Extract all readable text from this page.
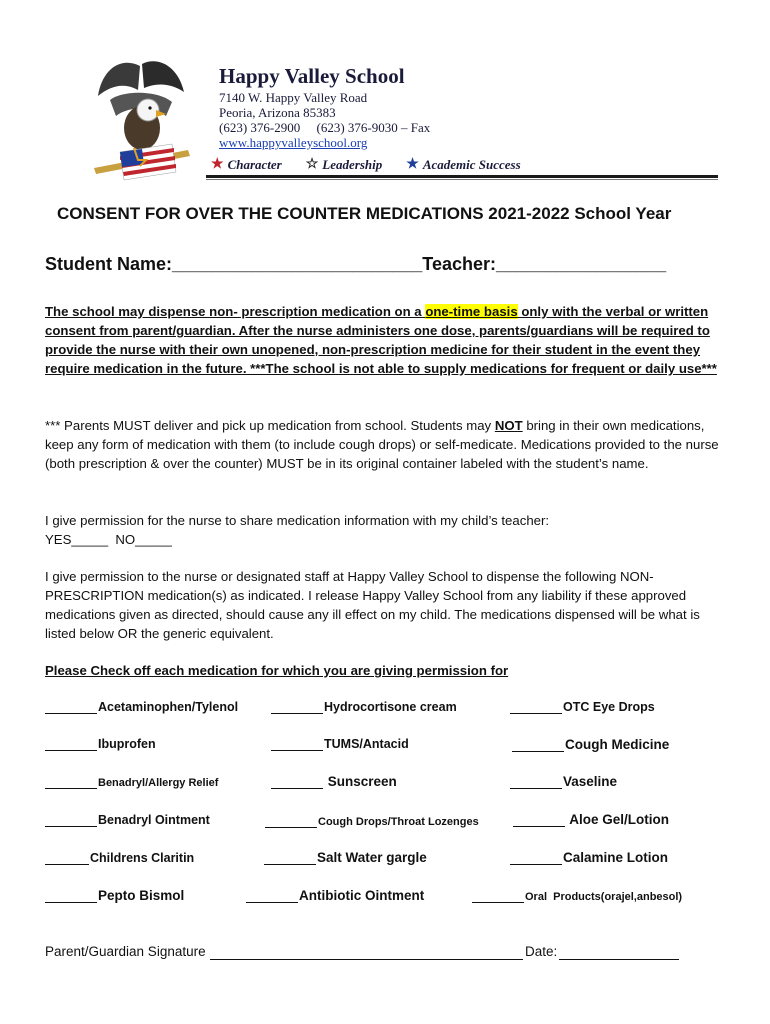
Happy Valley School
7140 W. Happy Valley Road
Peoria, Arizona 85383
(623) 376-2900     (623) 376-9030 – Fax
www.happyvalleyschool.org
★ Character ☆ Leadership ★ Academic Success
CONSENT FOR OVER THE COUNTER MEDICATIONS 2021-2022 School Year
Student Name:_________________________Teacher:_________________
The school may dispense non- prescription medication on a one-time basis only with the verbal or written consent from parent/guardian. After the nurse administers one dose, parents/guardians will be required to provide the nurse with their own unopened, non-prescription medicine for their student in the event they require medication in the future. ***The school is not able to supply medications for frequent or daily use***
*** Parents MUST deliver and pick up medication from school. Students may NOT bring in their own medications, keep any form of medication with them (to include cough drops) or self-medicate. Medications provided to the nurse (both prescription & over the counter) MUST be in its original container labeled with the student’s name.
I give permission for the nurse to share medication information with my child’s teacher:
YES_____  NO_____
I give permission to the nurse or designated staff at Happy Valley School to dispense the following NON-PRESCRIPTION medication(s) as indicated. I release Happy Valley School from any liability if these approved medications given as directed, should cause any ill effect on my child. The medications dispensed will be what is listed below OR the generic equivalent.
Please Check off each medication for which you are giving permission for
Acetaminophen/Tylenol	Hydrocortisone cream	OTC Eye Drops
Ibuprofen	TUMS/Antacid	Cough Medicine
Benadryl/Allergy Relief	Sunscreen	Vaseline
Benadryl Ointment	Cough Drops/Throat Lozenges	Aloe Gel/Lotion
Childrens Claritin	Salt Water gargle	Calamine Lotion
Pepto Bismol	Antibiotic Ointment	Oral  Products(orajel,anbesol)
Parent/Guardian Signature	Date:
